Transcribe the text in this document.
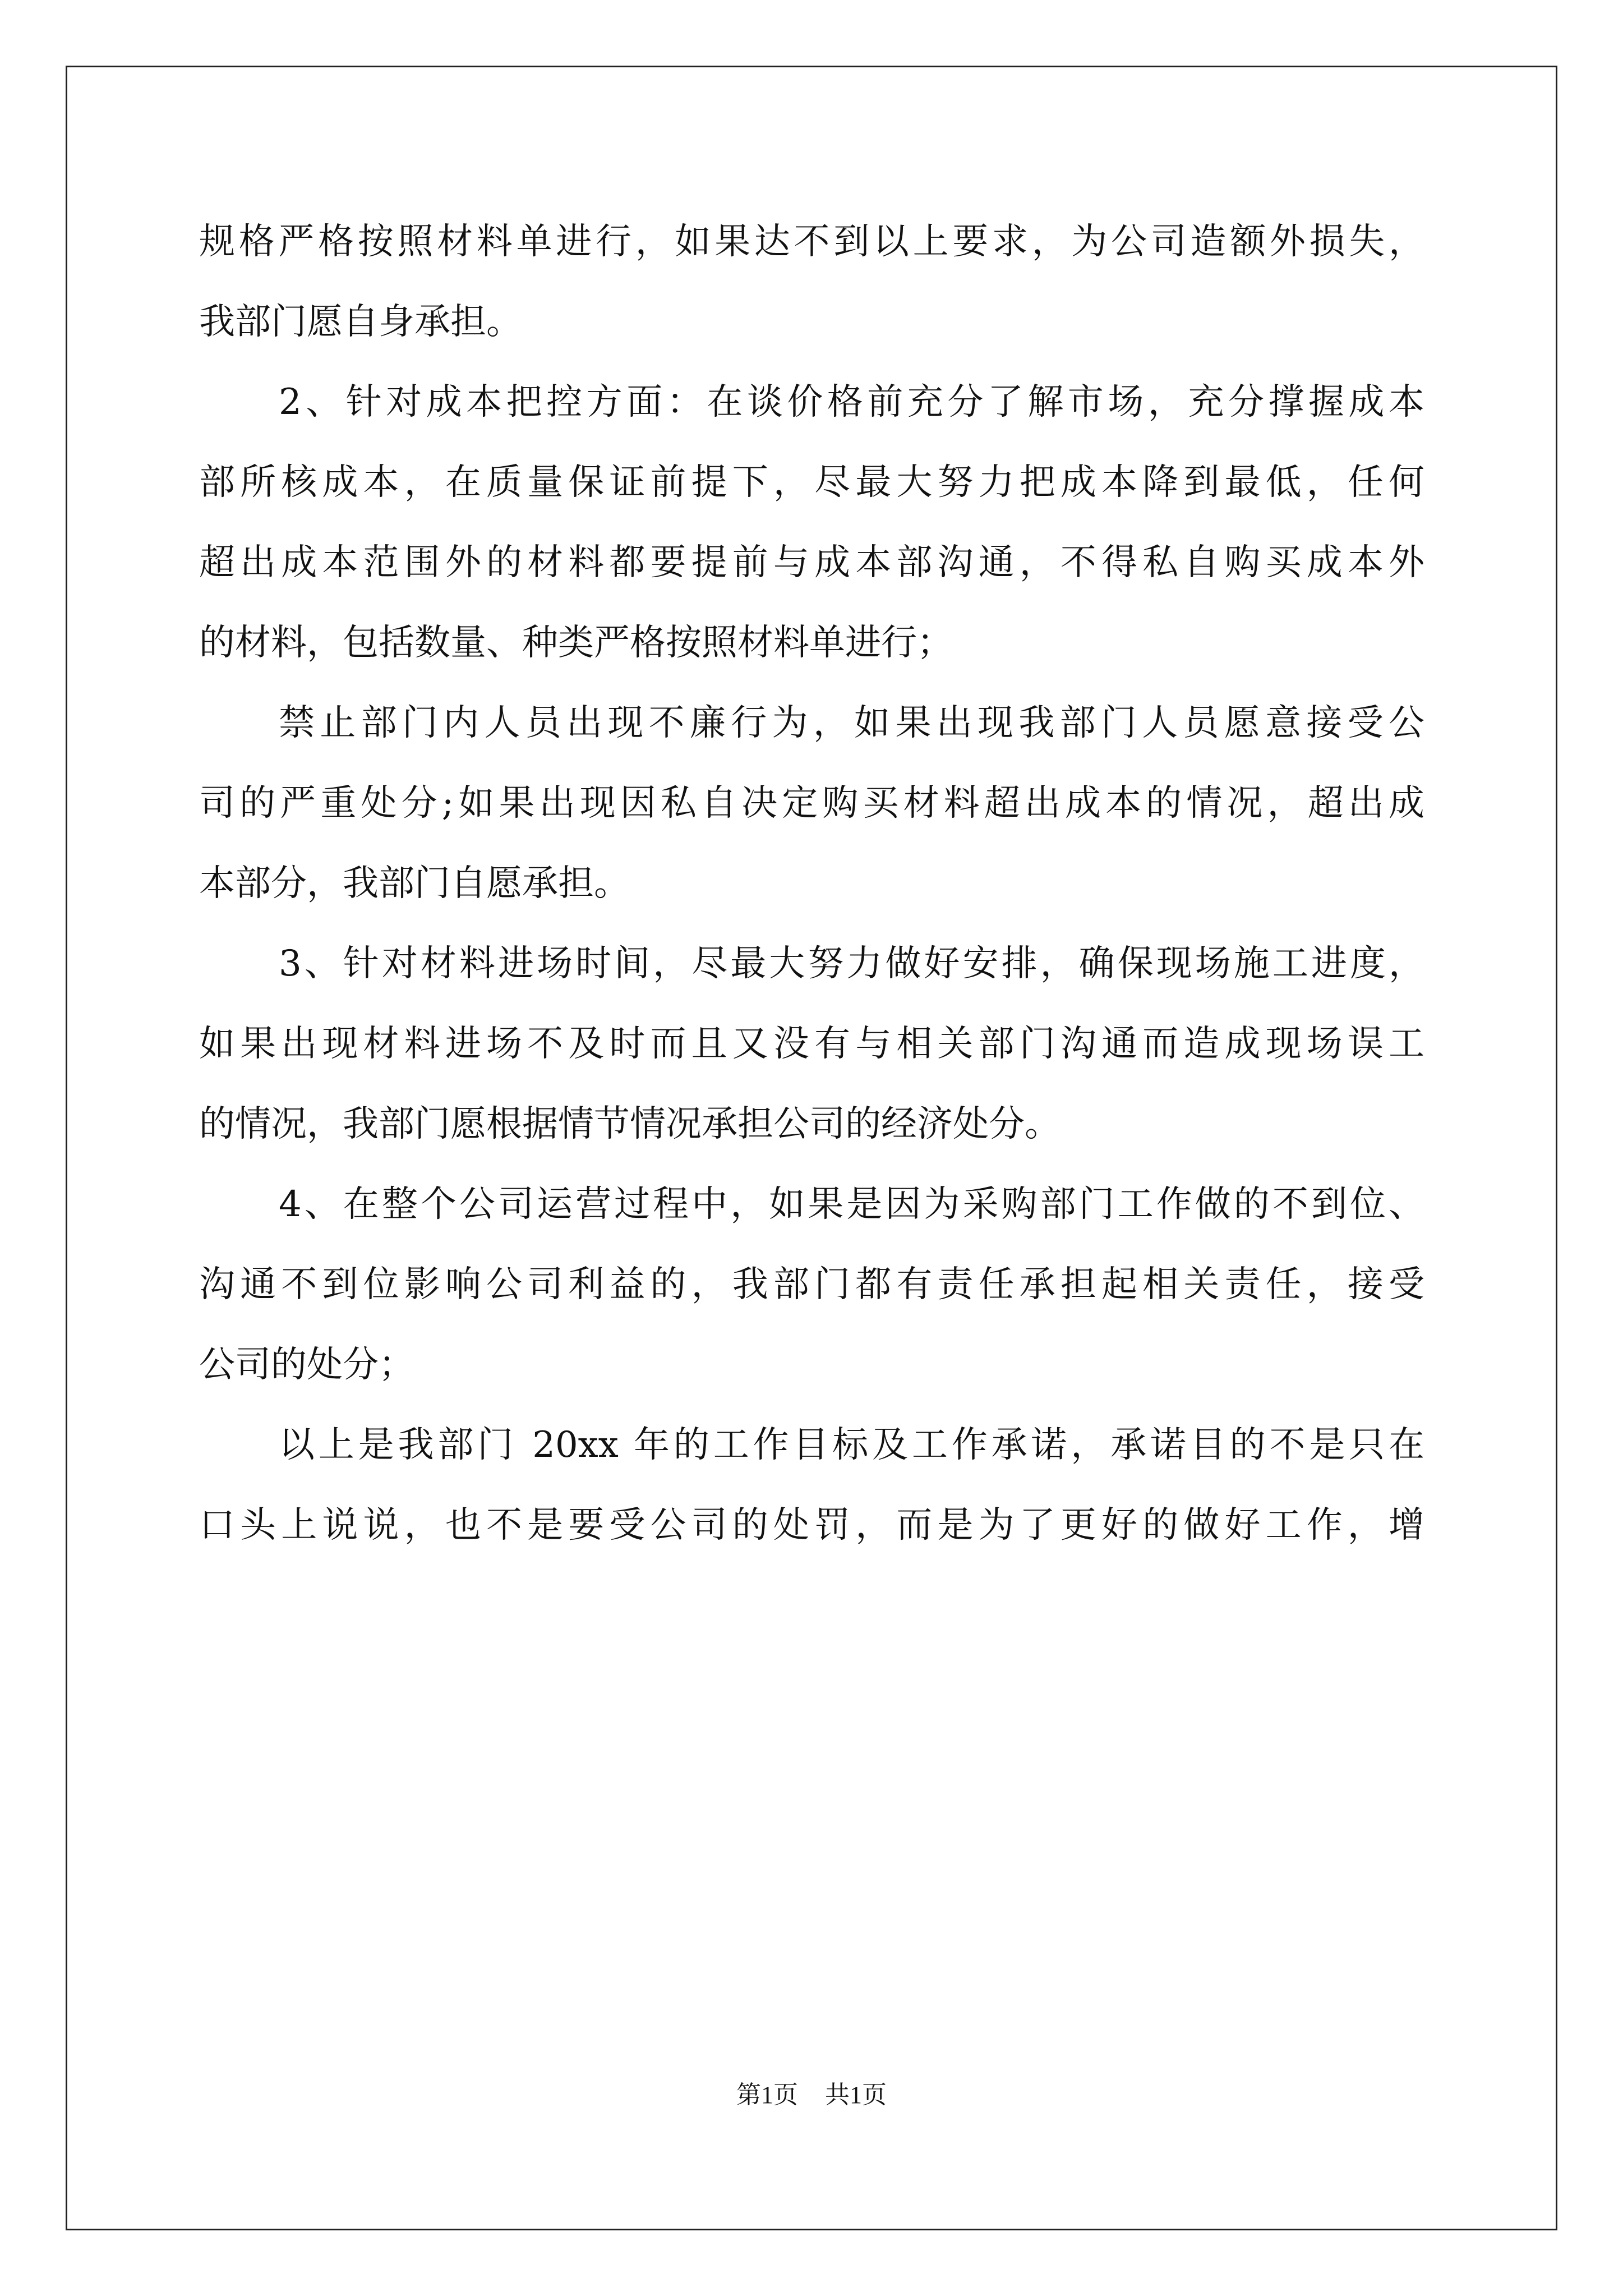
规格严格按照材料单进行，如果达不到以上要求，为公司造额外损失，
我部门愿自身承担。
2、针对成本把控方面：在谈价格前充分了解市场，充分撑握成本
部所核成本，在质量保证前提下，尽最大努力把成本降到最低，任何
超出成本范围外的材料都要提前与成本部沟通，不得私自购买成本外
的材料，包括数量、种类严格按照材料单进行；
禁止部门内人员出现不廉行为，如果出现我部门人员愿意接受公
司的严重处分;如果出现因私自决定购买材料超出成本的情况，超出成
本部分，我部门自愿承担。
3、针对材料进场时间，尽最大努力做好安排，确保现场施工进度，
如果出现材料进场不及时而且又没有与相关部门沟通而造成现场误工
的情况，我部门愿根据情节情况承担公司的经济处分。
4、在整个公司运营过程中，如果是因为采购部门工作做的不到位、
沟通不到位影响公司利益的，我部门都有责任承担起相关责任，接受
公司的处分；
以上是我部门 20xx 年的工作目标及工作承诺，承诺目的不是只在
口头上说说，也不是要受公司的处罚，而是为了更好的做好工作，增
第1页 共1页
